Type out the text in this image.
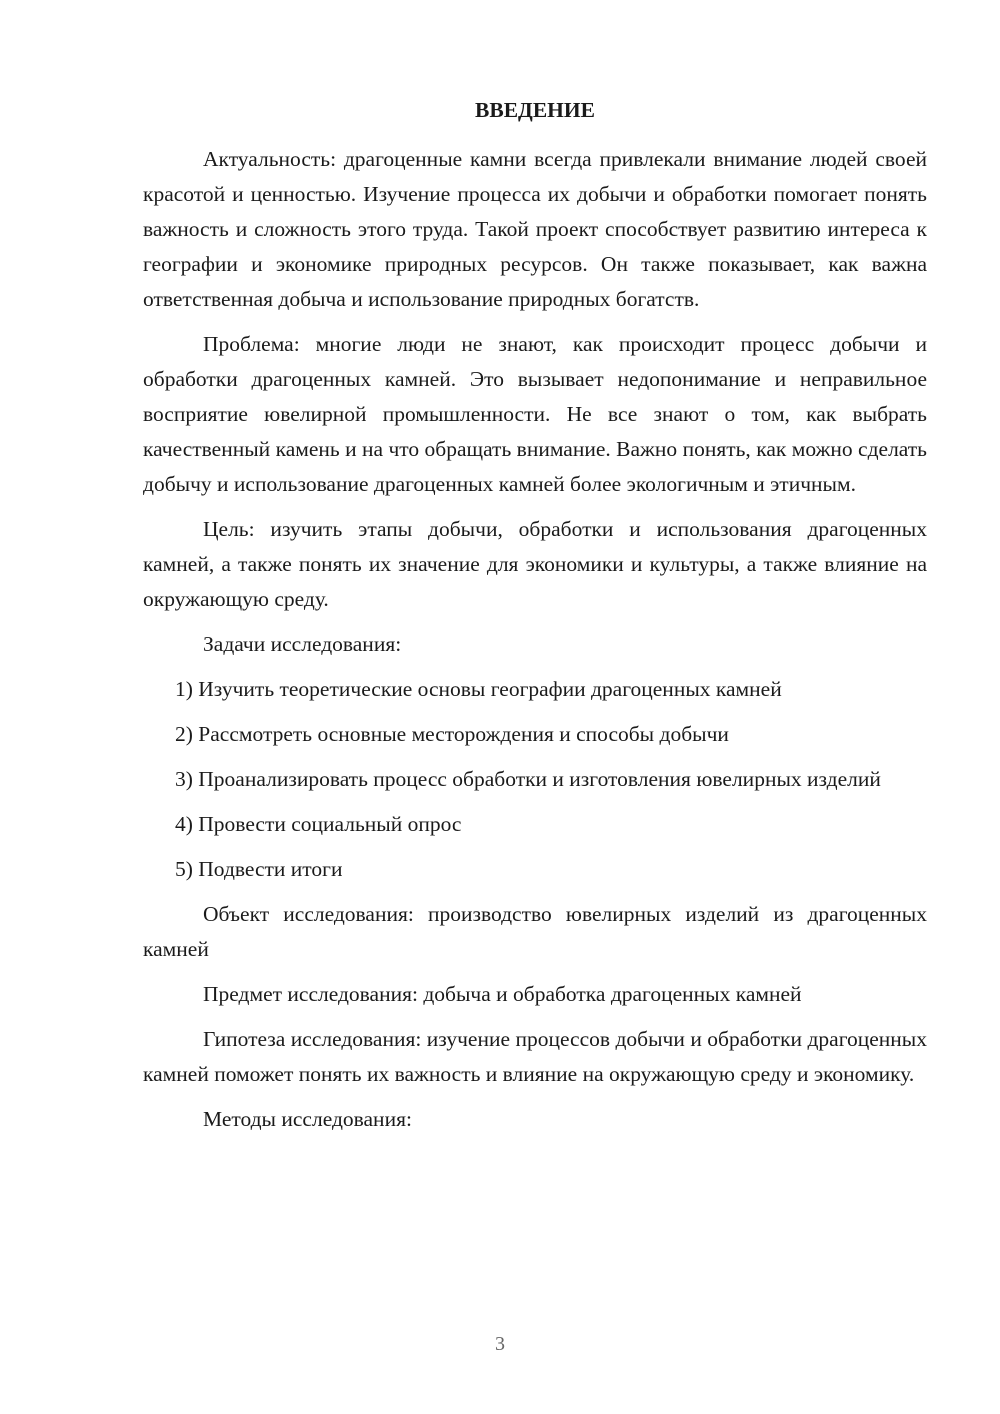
ВВЕДЕНИЕ

Актуальность: драгоценные камни всегда привлекали внимание людей своей красотой и ценностью. Изучение процесса их добычи и обработки помогает понять важность и сложность этого труда. Такой проект способствует развитию интереса к географии и экономике природных ресурсов. Он также показывает, как важна ответственная добыча и использование природных богатств.

Проблема: многие люди не знают, как происходит процесс добычи и обработки драгоценных камней. Это вызывает недопонимание и неправильное восприятие ювелирной промышленности. Не все знают о том, как выбрать качественный камень и на что обращать внимание. Важно понять, как можно сделать добычу и использование драгоценных камней более экологичным и этичным.

Цель: изучить этапы добычи, обработки и использования драгоценных камней, а также понять их значение для экономики и культуры, а также влияние на окружающую среду.

Задачи исследования:

1) Изучить теоретические основы географии драгоценных камней

2) Рассмотреть основные месторождения и способы добычи

3) Проанализировать процесс обработки и изготовления ювелирных изделий

4) Провести социальный опрос

5) Подвести итоги

Объект исследования: производство ювелирных изделий из драгоценных камней

Предмет исследования: добыча и обработка драгоценных камней

Гипотеза исследования: изучение процессов добычи и обработки драгоценных камней поможет понять их важность и влияние на окружающую среду и экономику.

Методы исследования:

3
